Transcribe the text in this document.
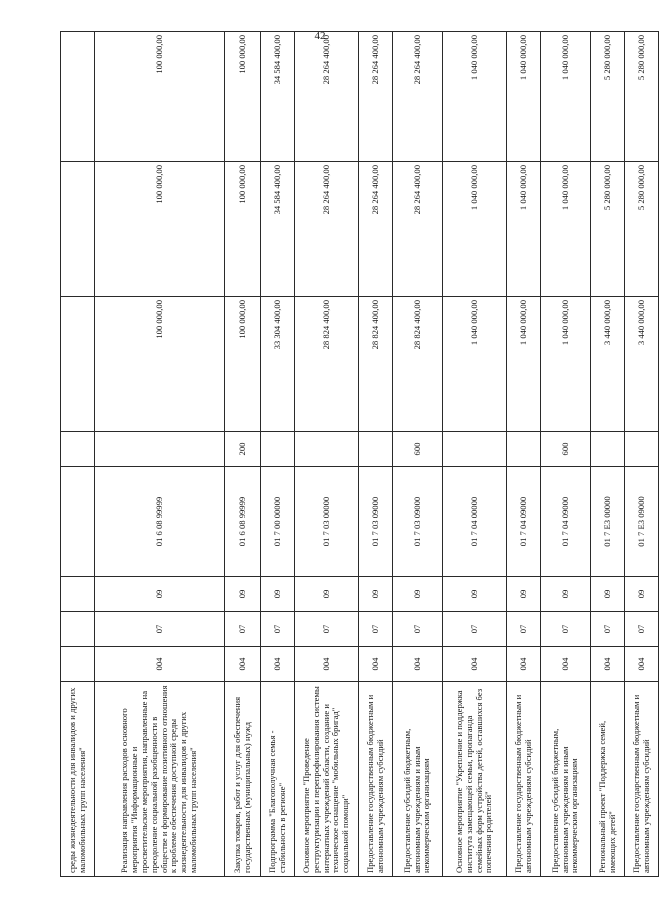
42
среды жизнедеятельности для инвалидов и других маломобильных групп населения"								
Реализация направления расходов основного мероприятия "Информационные и просветительские мероприятия, направленные на преодоление социальной разобщенности в обществе и формирование позитивного отношения к проблеме обеспечения доступной среды жизнедеятельности для инвалидов и других маломобильных групп населения"	004	07	09	01 6 08 99999		100 000,00	100 000,00	100 000,00
Закупка товаров, работ и услуг для обеспечения государственных (муниципальных) нужд	004	07	09	01 6 08 99999	200	100 000,00	100 000,00	100 000,00
Подпрограмма "Благополучная семья - стабильность в регионе"	004	07	09	01 7 00 00000		33 304 400,00	34 584 400,00	34 584 400,00
Основное мероприятие "Проведение реструктуризации и перепрофилирования системы интернатных учреждений области, создание и техническое оснащение "мобильных бригад" социальной помощи"	004	07	09	01 7 03 00000		28 824 400,00	28 264 400,00	28 264 400,00
Предоставление государственным бюджетным и автономным учреждениям субсидий	004	07	09	01 7 03 09000		28 824 400,00	28 264 400,00	28 264 400,00
Предоставление субсидий бюджетным, автономным учреждениям и иным некоммерческим организациям	004	07	09	01 7 03 09000	600	28 824 400,00	28 264 400,00	28 264 400,00
Основное мероприятие "Укрепление и поддержка института замещающей семьи, пропаганда семейных форм устройства детей, оставшихся без попечения родителей"	004	07	09	01 7 04 00000		1 040 000,00	1 040 000,00	1 040 000,00
Предоставление государственным бюджетным и автономным учреждениям субсидий	004	07	09	01 7 04 09000		1 040 000,00	1 040 000,00	1 040 000,00
Предоставление субсидий бюджетным, автономным учреждениям и иным некоммерческим организациям	004	07	09	01 7 04 09000	600	1 040 000,00	1 040 000,00	1 040 000,00
Региональный проект "Поддержка семей, имеющих детей"	004	07	09	01 7 Е3 00000		3 440 000,00	5 280 000,00	5 280 000,00
Предоставление государственным бюджетным и автономным учреждениям субсидий	004	07	09	01 7 Е3 09000		3 440 000,00	5 280 000,00	5 280 000,00
